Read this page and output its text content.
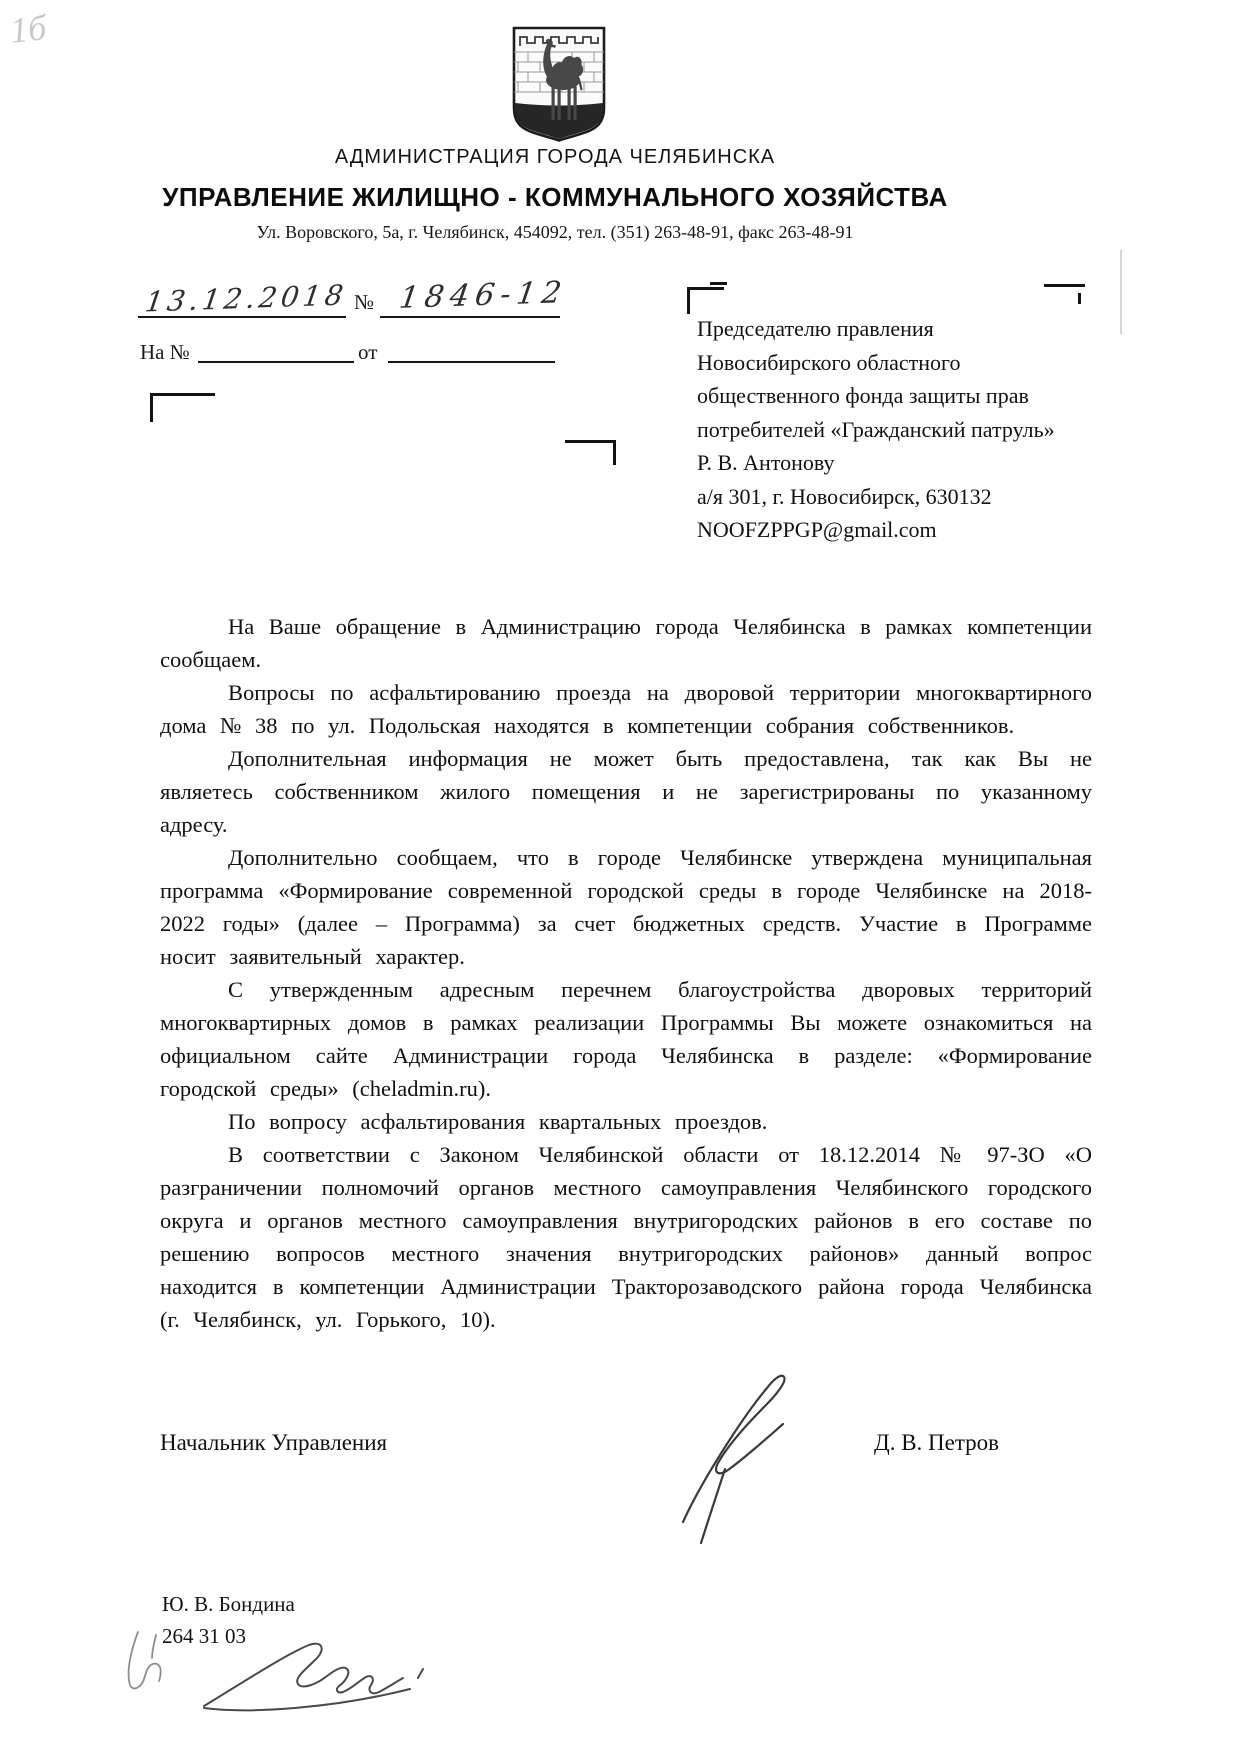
1б
АДМИНИСТРАЦИЯ ГОРОДА ЧЕЛЯБИНСКА
УПРАВЛЕНИЕ ЖИЛИЩНО - КОММУНАЛЬНОГО ХОЗЯЙСТВА
Ул. Воровского, 5а, г. Челябинск, 454092, тел. (351) 263-48-91, факс 263-48-91
13.12.2018 № 1846-12
На №	от
Председателю правления
Новосибирского областного
общественного фонда защиты прав
потребителей «Гражданский патруль»
Р. В. Антонову
а/я 301, г. Новосибирск, 630132
NOOFZPPGP@gmail.com

На Ваше обращение в Администрацию города Челябинска в рамках компетенции сообщаем.

Вопросы по асфальтированию проезда на дворовой территории многоквартирного дома № 38 по ул. Подольская находятся в компетенции собрания собственников.

Дополнительная информация не может быть предоставлена, так как Вы не являетесь собственником жилого помещения и не зарегистрированы по указанному адресу.

Дополнительно сообщаем, что в городе Челябинске утверждена муниципальная программа «Формирование современной городской среды в городе Челябинске на 2018-2022 годы» (далее – Программа) за счет бюджетных средств. Участие в Программе носит заявительный характер.

С утвержденным адресным перечнем благоустройства дворовых территорий многоквартирных домов в рамках реализации Программы Вы можете ознакомиться на официальном сайте Администрации города Челябинска в разделе: «Формирование городской среды» (cheladmin.ru).

По вопросу асфальтирования квартальных проездов.

В соответствии с Законом Челябинской области от 18.12.2014 № 97-ЗО «О разграничении полномочий органов местного самоуправления Челябинского городского округа и органов местного самоуправления внутригородских районов в его составе по решению вопросов местного значения внутригородских районов» данный вопрос находится в компетенции Администрации Тракторозаводского района города Челябинска (г. Челябинск, ул. Горького, 10).

Начальник Управления	Д. В. Петров
Ю. В. Бондина
264 31 03
